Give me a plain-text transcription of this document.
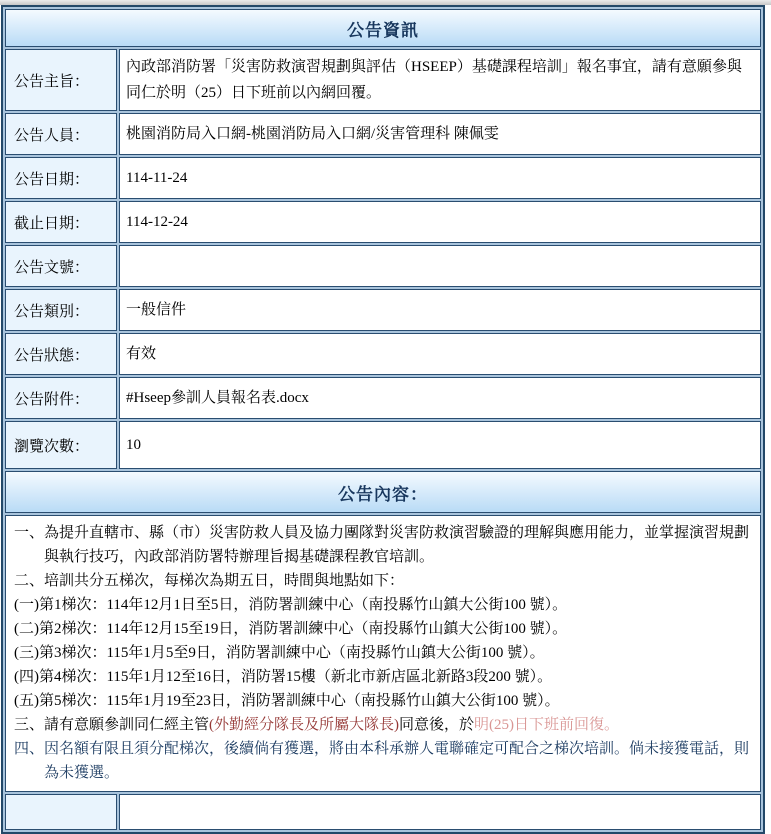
公告資訊	
公告主旨：	內政部消防署「災害防救演習規劃與評估（HSEEP）基礎課程培訓」報名事宜，請有意願參與同仁於明（25）日下班前以內網回覆。
公告人員：	桃園消防局入口網-桃園消防局入口網/災害管理科 陳佩雯
公告日期：	114-11-24
截止日期：	114-12-24
公告文號：	
公告類別：	一般信件
公告狀態：	有效
公告附件：	#Hseep參訓人員報名表.docx
瀏覽次數：	10
公告內容：	

一、為提升直轄市、縣（市）災害防救人員及協力團隊對災害防救演習驗證的理解與應用能力，並掌握演習規劃與執行技巧，內政部消防署特辦理旨揭基礎課程教官培訓。

二、培訓共分五梯次，每梯次為期五日，時間與地點如下：

(一)第1梯次：114年12月1日至5日，消防署訓練中心（南投縣竹山鎮大公街100 號）。

(二)第2梯次：114年12月15至19日，消防署訓練中心（南投縣竹山鎮大公街100 號）。

(三)第3梯次：115年1月5至9日，消防署訓練中心（南投縣竹山鎮大公街100 號）。

(四)第4梯次：115年1月12至16日，消防署15樓（新北市新店區北新路3段200 號）。

(五)第5梯次：115年1月19至23日，消防署訓練中心（南投縣竹山鎮大公街100 號）。

三、請有意願參訓同仁經主管(外勤經分隊長及所屬大隊長)同意後，於明(25)日下班前回復。

四、因名額有限且須分配梯次，後續倘有獲選，將由本科承辦人電聯確定可配合之梯次培訓。倘未接獲電話，則為未獲選。
